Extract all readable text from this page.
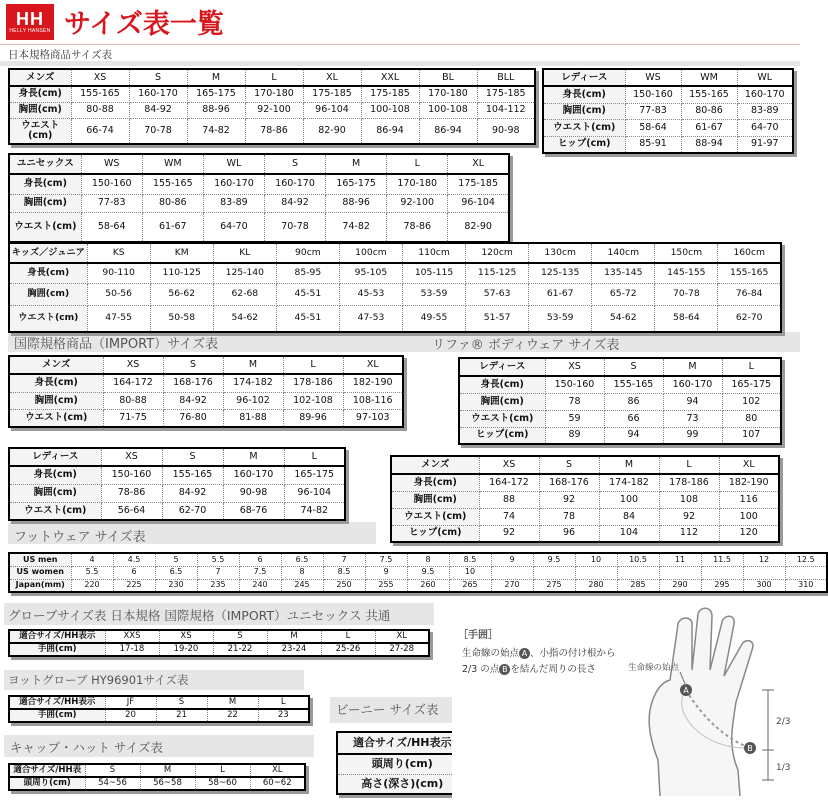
HH
HELLY HANSEN サイズ表一覧
日本規格商品サイズ表
国際規格商品（IMPORT）サイズ表	リファ® ボディウェア サイズ表
フットウェア サイズ表
グローブサイズ表 日本規格 国際規格（IMPORT）ユニセックス 共通
ヨットグローブ HY96901サイズ表
ビーニー サイズ表
キャップ・ハット サイズ表
メンズ	XS	S	M	L	XL	XXL	BL	BLL
身長(cm)	155-165	160-170	165-175	170-180	175-185	175-185	170-180	175-185
胸囲(cm)	80-88	84-92	88-96	92-100	96-104	100-108	100-108	104-112
ウエスト(cm)	66-74	70-78	74-82	78-86	82-90	86-94	86-94	90-98
レディース	WS	WM	WL
身長(cm)	150-160	155-165	160-170
胸囲(cm)	77-83	80-86	83-89
ウエスト(cm)	58-64	61-67	64-70
ヒップ(cm)	85-91	88-94	91-97
ユニセックス	WS	WM	WL	S	M	L	XL
身長(cm)	150-160	155-165	160-170	160-170	165-175	170-180	175-185
胸囲(cm)	77-83	80-86	83-89	84-92	88-96	92-100	96-104
ウエスト(cm)	58-64	61-67	64-70	70-78	74-82	78-86	82-90
キッズ／ジュニア	KS	KM	KL	90cm	100cm	110cm	120cm	130cm	140cm	150cm	160cm
身長(cm)	90-110	110-125	125-140	85-95	95-105	105-115	115-125	125-135	135-145	145-155	155-165
胸囲(cm)	50-56	56-62	62-68	45-51	45-53	53-59	57-63	61-67	65-72	70-78	76-84
ウエスト(cm)	47-55	50-58	54-62	45-51	47-53	49-55	51-57	53-59	54-62	58-64	62-70
メンズ	XS	S	M	L	XL
身長(cm)	164-172	168-176	174-182	178-186	182-190
胸囲(cm)	80-88	84-92	96-102	102-108	108-116
ウエスト(cm)	71-75	76-80	81-88	89-96	97-103
レディース	XS	S	M	L
身長(cm)	150-160	155-165	160-170	165-175
胸囲(cm)	78-86	84-92	90-98	96-104
ウエスト(cm)	56-64	62-70	68-76	74-82
レディース	XS	S	M	L
身長(cm)	150-160	155-165	160-170	165-175
胸囲(cm)	78	86	94	102
ウエスト(cm)	59	66	73	80
ヒップ(cm)	89	94	99	107
メンズ	XS	S	M	L	XL
身長(cm)	164-172	168-176	174-182	178-186	182-190
胸囲(cm)	88	92	100	108	116
ウエスト(cm)	74	78	84	92	100
ヒップ(cm)	92	96	104	112	120
US men	4	4.5	5	5.5	6	6.5	7	7.5	8	8.5	9	9.5	10	10.5	11	11.5	12	12.5
US women	5.5	6	6.5	7	7.5	8	8.5	9	9.5	10								
Japan(mm)	220	225	230	235	240	245	250	255	260	265	270	275	280	285	290	295	300	310
適合サイズ/HH表示	XXS	XS	S	M	L	XL
手囲(cm)	17-18	19-20	21-22	23-24	25-26	27-28
適合サイズ/HH表示	JF	S	M	L
手囲(cm)	20	21	22	23
適合サイズ/HH表	S	M	L	XL
頭周り(cm)	54~56	56~58	58~60	60~62
適合サイズ/HH表示		
頭周り(cm)		
高さ(深さ)(cm)		
［手囲］
生命線の始点 A 、小指の付け根から 2/3 の点 B を結んだ周りの長さ
A
B
生命線の始点
2/3
1/3
